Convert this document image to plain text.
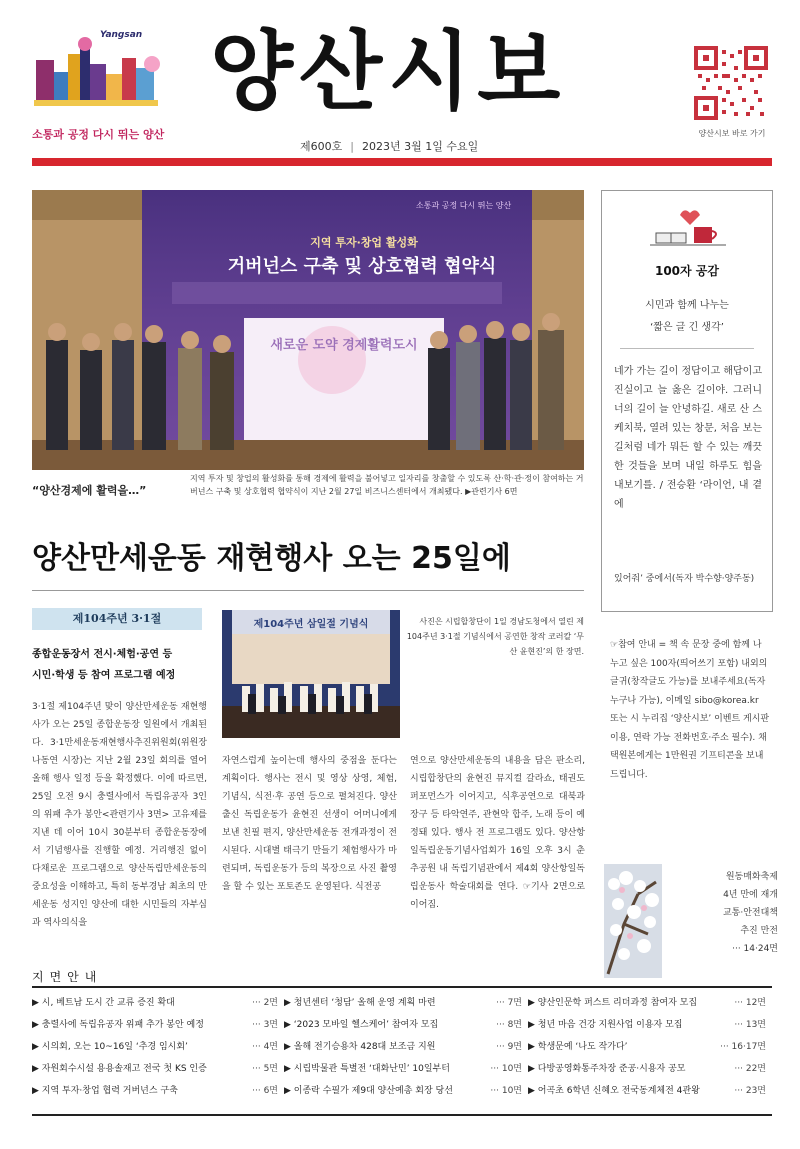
Yangsan
소통과 공정 다시 뛰는 양산
양산시보
제600호 | 2023년 3월 1일 수요일
양산시보 바로 가기
소통과 공정 다시 뛰는 양산
지역 투자·창업 활성화
거버넌스 구축 및 상호협력 협약식
새로운 도약 경제활력도시
“양산경제에 활력을…”
지역 투자 및 창업의 활성화를 통해 경제에 활력을 불어넣고 일자리를 창출할 수 있도록 산·학·관·정이 참여하는 거버넌스 구축 및 상호협력 협약식이 지난 2월 27일 비즈니스센터에서 개최됐다. ▶관련기사 6면
100자 공감
시민과 함께 나누는
‘짧은 글 긴 생각’
네가 가는 길이 정답이고 해답이고 진실이고 늘 옳은 길이야. 그러니 너의 길이 늘 안녕하길. 새로 산 스케치북, 열려 있는 창문, 처음 보는 길처럼 네가 뭐든 할 수 있는 깨끗한 것들을 보며 내일 하루도 힘을 내보기를. / 전승환 ‘라이언, 내 곁에
있어줘’ 중에서(독자 박수향·양주동)
☞참여 안내 = 책 속 문장 중에 함께 나누고 싶은 100자(띄어쓰기 포함) 내외의 글귀(창작글도 가능)를 보내주세요(독자 누구나 가능), 이메일 sibo@korea.kr 또는 시 누리집 ‘양산시보’ 이벤트 게시판 이용, 연락 가능 전화번호·주소 필수). 채택원본에게는 1만원권 기프티콘을 보내드립니다.
원동매화축제
4년 만에 재개
교통·안전대책
추진 만전
··· 14·24면
양산만세운동 재현행사 오는 25일에
제104주년 3·1절
종합운동장서 전시·체험·공연 등
시민·학생 등 참여 프로그램 예정
3·1절 제104주년 맞이 양산만세운동 재현행사가 오는 25일 종합운동장 일원에서 개최된다. 3·1만세운동재현행사추진위원회(위원장 나동연 시장)는 지난 2월 23일 회의를 열어 올해 행사 일정 등을 확정했다. 이에 따르면, 25일 오전 9시 충렬사에서 독립유공자 3인의 위패 추가 봉안<관련기사 3면> 고유제를 지낸 데 이어 10시 30분부터 종합운동장에서 기념행사를 진행할 예정. 거리행진 없이 다채로운 프로그램으로 양산독립만세운동의 중요성을 이해하고, 특히 동부경남 최초의 만세운동 성지인 양산에 대한 시민들의 자부심과 역사의식을
제104주년 삼일절 기념식	사진은 시립합창단이 1일 경남도청에서 열린 제104주년 3·1절 기념식에서 공연한 창작 코러칼 ‘무산 윤현진’의 한 장면.
자연스럽게 높이는데 행사의 중점을 둔다는 계획이다. 행사는 전시 및 영상 상영, 체험, 기념식, 식전·후 공연 등으로 펼쳐진다. 양산 출신 독립운동가 윤현진 선생이 어머니에게 보낸 친필 편지, 양산만세운동 전개과정이 전시된다. 시대별 태극기 만들기 체험행사가 마련되며, 독립운동가 등의 복장으로 사진 촬영을 할 수 있는 포토존도 운영된다. 식전공
연으로 양산만세운동의 내용을 담은 판소리, 시립합창단의 윤현진 뮤지컬 갈라쇼, 태권도 퍼포먼스가 이어지고, 식후공연으로 대북과 장구 등 타악연주, 관현악 합주, 노래 등이 예정돼 있다. 행사 전 프로그램도 있다. 양산항일독립운동기념사업회가 16일 오후 3시 춘추공원 내 독립기념관에서 제4회 양산항일독립운동사 학술대회를 연다. ☞기사 2면으로 이어짐.
지면안내
▶ 시, 베트남 도시 간 교류 증진 확대	··· 2면 ▶ 청년센터 ‘청담’ 올해 운영 계획 마련	··· 7면 ▶ 양산인문학 퍼스트 리더과정 참여자 모집	··· 12면
▶ 충렬사에 독립유공자 위패 추가 봉안 예정	··· 3면 ▶ ‘2023 모바일 헬스케어’ 참여자 모집	··· 8면 ▶ 청년 마음 건강 지원사업 이용자 모집	··· 13면
▶ 시의회, 오는 10~16일 ‘추경 임시회’	··· 4면 ▶ 올해 전기승용차 428대 보조금 지원	··· 9면 ▶ 학생문예 ‘나도 작가다’	··· 16·17면
▶ 자원회수시설 용용솔재고 전국 첫 KS 인증	··· 5면 ▶ 시립박물관 특별전 ‘대화난민’ 10일부터	··· 10면 ▶ 다방공영화통주차장 준공·시용자 공모	··· 22면
▶ 지역 투자·창업 협력 거버넌스 구축	··· 6면 ▶ 이종락 수필가 제9대 양산예총 회장 당선	··· 10면 ▶ 어곡초 6학년 신혜오 전국동계체전 4관왕	··· 23면
